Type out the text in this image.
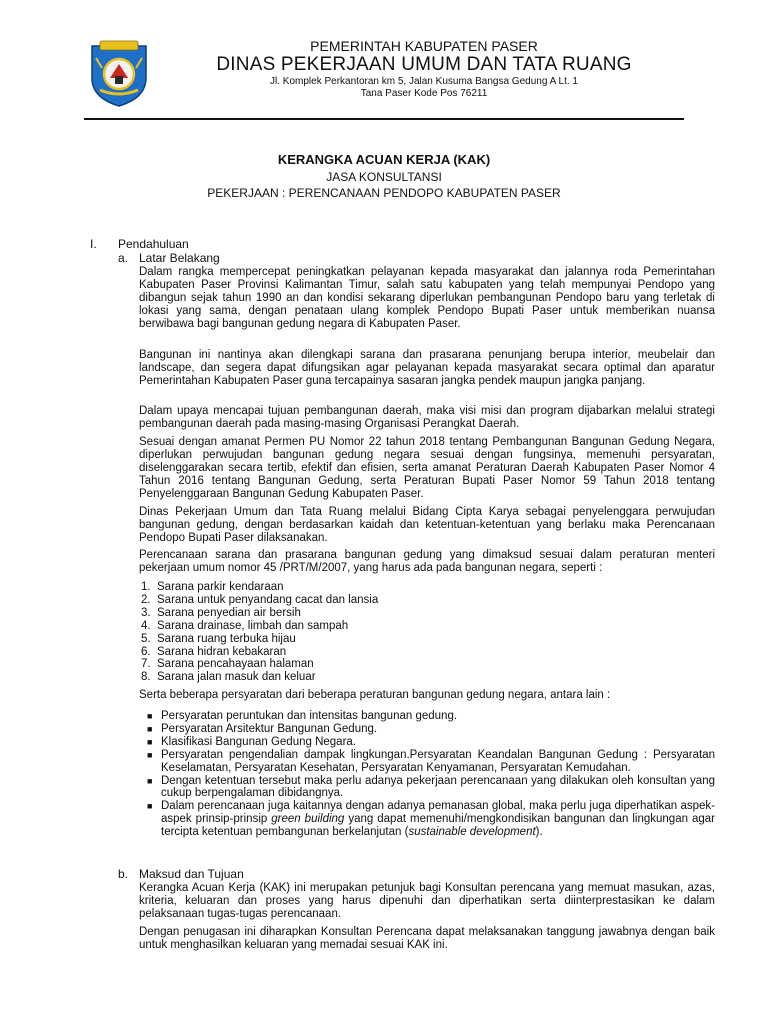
PEMERINTAH KABUPATEN PASER
DINAS PEKERJAAN UMUM DAN TATA RUANG
Jl. Komplek Perkantoran km 5, Jalan Kusuma Bangsa Gedung A Lt. 1
Tana Paser Kode Pos 76211
KERANGKA ACUAN KERJA (KAK)
JASA KONSULTANSI
PEKERJAAN : PERENCANAAN PENDOPO KABUPATEN PASER
I. Pendahuluan
a. Latar Belakang
Dalam rangka mempercepat peningkatkan pelayanan kepada masyarakat dan jalannya roda Pemerintahan Kabupaten Paser Provinsi Kalimantan Timur, salah satu kabupaten yang telah mempunyai Pendopo yang dibangun sejak tahun 1990 an dan kondisi sekarang diperlukan pembangunan Pendopo baru yang terletak di lokasi yang sama, dengan penataan ulang komplek Pendopo Bupati Paser untuk memberikan nuansa berwibawa bagi bangunan gedung negara di Kabupaten Paser.
Bangunan ini nantinya akan dilengkapi sarana dan prasarana penunjang berupa interior, meubelair dan landscape, dan segera dapat difungsikan agar pelayanan kepada masyarakat secara optimal dan aparatur Pemerintahan Kabupaten Paser guna tercapainya sasaran jangka pendek maupun jangka panjang.
Dalam upaya mencapai tujuan pembangunan daerah, maka visi misi dan program dijabarkan melalui strategi pembangunan daerah pada masing-masing Organisasi Perangkat Daerah.
Sesuai dengan amanat Permen PU Nomor 22 tahun 2018 tentang Pembangunan Bangunan Gedung Negara, diperlukan perwujudan bangunan gedung negara sesuai dengan fungsinya, memenuhi persyaratan, diselenggarakan secara tertib, efektif dan efisien, serta amanat Peraturan Daerah Kabupaten Paser Nomor 4 Tahun 2016 tentang Bangunan Gedung, serta Peraturan Bupati Paser Nomor 59 Tahun 2018 tentang Penyelenggaraan Bangunan Gedung Kabupaten Paser.
Dinas Pekerjaan Umum dan Tata Ruang melalui Bidang Cipta Karya sebagai penyelenggara perwujudan bangunan gedung, dengan berdasarkan kaidah dan ketentuan-ketentuan yang berlaku maka Perencanaan Pendopo Bupati Paser dilaksanakan.
Perencanaan sarana dan prasarana bangunan gedung yang dimaksud sesuai dalam peraturan menteri pekerjaan umum nomor 45 /PRT/M/2007, yang harus ada pada bangunan negara, seperti :
1. Sarana parkir kendaraan
2. Sarana untuk penyandang cacat dan lansia
3. Sarana penyedian air bersih
4. Sarana drainase, limbah dan sampah
5. Sarana ruang terbuka hijau
6. Sarana hidran kebakaran
7. Sarana pencahayaan halaman
8. Sarana jalan masuk dan keluar
Serta beberapa persyaratan dari beberapa peraturan bangunan gedung negara, antara lain :
■ Persyaratan peruntukan dan intensitas bangunan gedung.
■ Persyaratan Arsitektur Bangunan Gedung.
■ Klasifikasi Bangunan Gedung Negara.
■ Persyaratan pengendalian dampak lingkungan.Persyaratan Keandalan Bangunan Gedung : Persyaratan Keselamatan, Persyaratan Kesehatan, Persyaratan Kenyamanan, Persyaratan Kemudahan.
■ Dengan ketentuan tersebut maka perlu adanya pekerjaan perencanaan yang dilakukan oleh konsultan yang cukup berpengalaman dibidangnya.
■ Dalam perencanaan juga kaitannya dengan adanya pemanasan global, maka perlu juga diperhatikan aspek-aspek prinsip-prinsip green building yang dapat memenuhi/mengkondisikan bangunan dan lingkungan agar tercipta ketentuan pembangunan berkelanjutan (sustainable development).
b. Maksud dan Tujuan
Kerangka Acuan Kerja (KAK) ini merupakan petunjuk bagi Konsultan perencana yang memuat masukan, azas, kriteria, keluaran dan proses yang harus dipenuhi dan diperhatikan serta diinterprestasikan ke dalam pelaksanaan tugas-tugas perencanaan.
Dengan penugasan ini diharapkan Konsultan Perencana dapat melaksanakan tanggung jawabnya dengan baik untuk menghasilkan keluaran yang memadai sesuai KAK ini.
